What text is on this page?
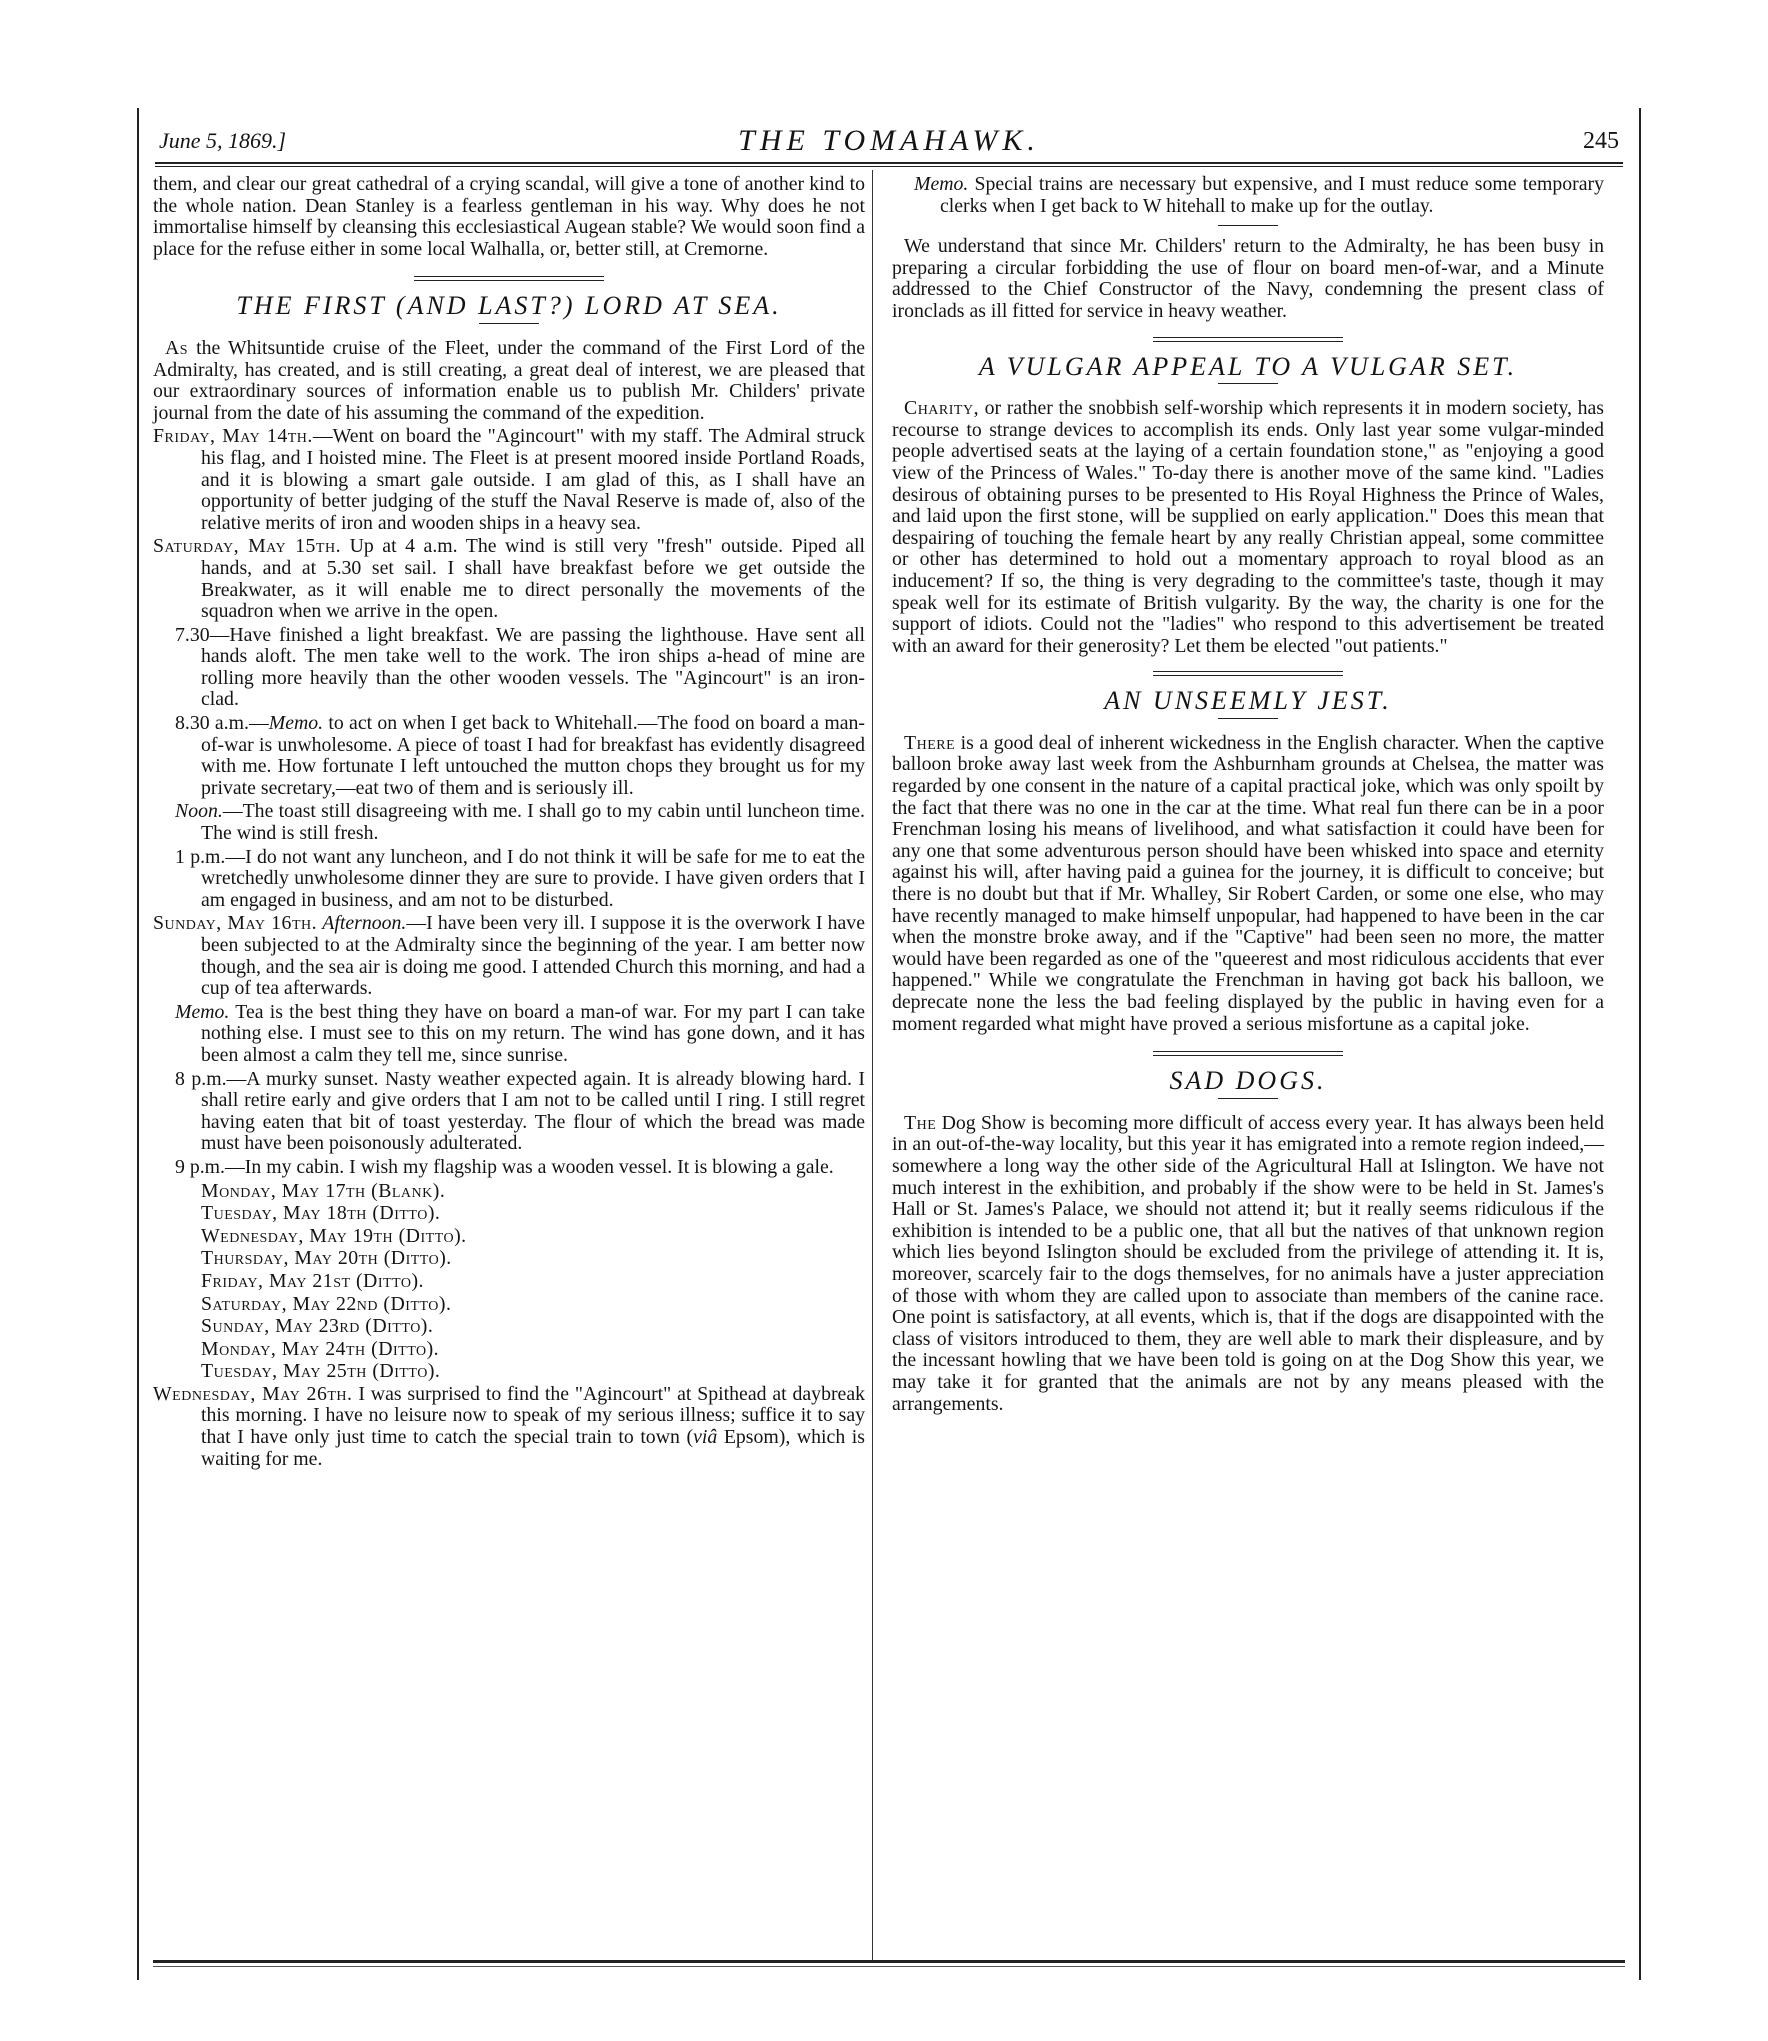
June 5, 1869.]	THE TOMAHAWK.	245

them, and clear our great cathedral of a crying scandal, will give a tone of another kind to the whole nation. Dean Stanley is a fearless gentleman in his way. Why does he not immortalise himself by cleansing this ecclesiastical Augean stable? We would soon find a place for the refuse either in some local Walhalla, or, better still, at Cremorne.

THE FIRST (AND LAST?) LORD AT SEA.

As the Whitsuntide cruise of the Fleet, under the command of the First Lord of the Admiralty, has created, and is still creating, a great deal of interest, we are pleased that our extraordinary sources of information enable us to publish Mr. Childers' private journal from the date of his assuming the command of the expedition.

Friday, May 14th.—Went on board the "Agincourt" with my staff. The Admiral struck his flag, and I hoisted mine. The Fleet is at present moored inside Portland Roads, and it is blowing a smart gale outside. I am glad of this, as I shall have an opportunity of better judging of the stuff the Naval Reserve is made of, also of the relative merits of iron and wooden ships in a heavy sea.

Saturday, May 15th. Up at 4 a.m. The wind is still very "fresh" outside. Piped all hands, and at 5.30 set sail. I shall have breakfast before we get outside the Breakwater, as it will enable me to direct personally the movements of the squadron when we arrive in the open.

7.30—Have finished a light breakfast. We are passing the lighthouse. Have sent all hands aloft. The men take well to the work. The iron ships a-head of mine are rolling more heavily than the other wooden vessels. The "Agincourt" is an iron-clad.

8.30 a.m.—Memo. to act on when I get back to Whitehall.—The food on board a man-of-war is unwholesome. A piece of toast I had for breakfast has evidently disagreed with me. How fortunate I left untouched the mutton chops they brought us for my private secretary,—eat two of them and is seriously ill.

Noon.—The toast still disagreeing with me. I shall go to my cabin until luncheon time. The wind is still fresh.

1 p.m.—I do not want any luncheon, and I do not think it will be safe for me to eat the wretchedly unwholesome dinner they are sure to provide. I have given orders that I am engaged in business, and am not to be disturbed.

Sunday, May 16th. Afternoon.—I have been very ill. I suppose it is the overwork I have been subjected to at the Admiralty since the beginning of the year. I am better now though, and the sea air is doing me good. I attended Church this morning, and had a cup of tea afterwards.

Memo. Tea is the best thing they have on board a man-of war. For my part I can take nothing else. I must see to this on my return. The wind has gone down, and it has been almost a calm they tell me, since sunrise.

8 p.m.—A murky sunset. Nasty weather expected again. It is already blowing hard. I shall retire early and give orders that I am not to be called until I ring. I still regret having eaten that bit of toast yesterday. The flour of which the bread was made must have been poisonously adulterated.

9 p.m.—In my cabin. I wish my flagship was a wooden vessel. It is blowing a gale.

Monday, May 17th (Blank).
Tuesday, May 18th (Ditto).
Wednesday, May 19th (Ditto).
Thursday, May 20th (Ditto).
Friday, May 21st (Ditto).
Saturday, May 22nd (Ditto).
Sunday, May 23rd (Ditto).
Monday, May 24th (Ditto).
Tuesday, May 25th (Ditto).

Wednesday, May 26th. I was surprised to find the "Agincourt" at Spithead at daybreak this morning. I have no leisure now to speak of my serious illness; suffice it to say that I have only just time to catch the special train to town (viâ Epsom), which is waiting for me.

Memo. Special trains are necessary but expensive, and I must reduce some temporary clerks when I get back to W hitehall to make up for the outlay.

We understand that since Mr. Childers' return to the Admiralty, he has been busy in preparing a circular forbidding the use of flour on board men-of-war, and a Minute addressed to the Chief Constructor of the Navy, condemning the present class of ironclads as ill fitted for service in heavy weather.

A VULGAR APPEAL TO A VULGAR SET.

Charity, or rather the snobbish self-worship which represents it in modern society, has recourse to strange devices to accomplish its ends. Only last year some vulgar-minded people advertised seats at the laying of a certain foundation stone," as "enjoying a good view of the Princess of Wales." To-day there is another move of the same kind. "Ladies desirous of obtaining purses to be presented to His Royal Highness the Prince of Wales, and laid upon the first stone, will be supplied on early application." Does this mean that despairing of touching the female heart by any really Christian appeal, some committee or other has determined to hold out a momentary approach to royal blood as an inducement? If so, the thing is very degrading to the committee's taste, though it may speak well for its estimate of British vulgarity. By the way, the charity is one for the support of idiots. Could not the "ladies" who respond to this advertisement be treated with an award for their generosity? Let them be elected "out patients."

AN UNSEEMLY JEST.

There is a good deal of inherent wickedness in the English character. When the captive balloon broke away last week from the Ashburnham grounds at Chelsea, the matter was regarded by one consent in the nature of a capital practical joke, which was only spoilt by the fact that there was no one in the car at the time. What real fun there can be in a poor Frenchman losing his means of livelihood, and what satisfaction it could have been for any one that some adventurous person should have been whisked into space and eternity against his will, after having paid a guinea for the journey, it is difficult to conceive; but there is no doubt but that if Mr. Whalley, Sir Robert Carden, or some one else, who may have recently managed to make himself unpopular, had happened to have been in the car when the monstre broke away, and if the "Captive" had been seen no more, the matter would have been regarded as one of the "queerest and most ridiculous accidents that ever happened." While we congratulate the Frenchman in having got back his balloon, we deprecate none the less the bad feeling displayed by the public in having even for a moment regarded what might have proved a serious misfortune as a capital joke.

SAD DOGS.

The Dog Show is becoming more difficult of access every year. It has always been held in an out-of-the-way locality, but this year it has emigrated into a remote region indeed,—somewhere a long way the other side of the Agricultural Hall at Islington. We have not much interest in the exhibition, and probably if the show were to be held in St. James's Hall or St. James's Palace, we should not attend it; but it really seems ridiculous if the exhibition is intended to be a public one, that all but the natives of that unknown region which lies beyond Islington should be excluded from the privilege of attending it. It is, moreover, scarcely fair to the dogs themselves, for no animals have a juster appreciation of those with whom they are called upon to associate than members of the canine race. One point is satisfactory, at all events, which is, that if the dogs are disappointed with the class of visitors introduced to them, they are well able to mark their displeasure, and by the incessant howling that we have been told is going on at the Dog Show this year, we may take it for granted that the animals are not by any means pleased with the arrangements.
